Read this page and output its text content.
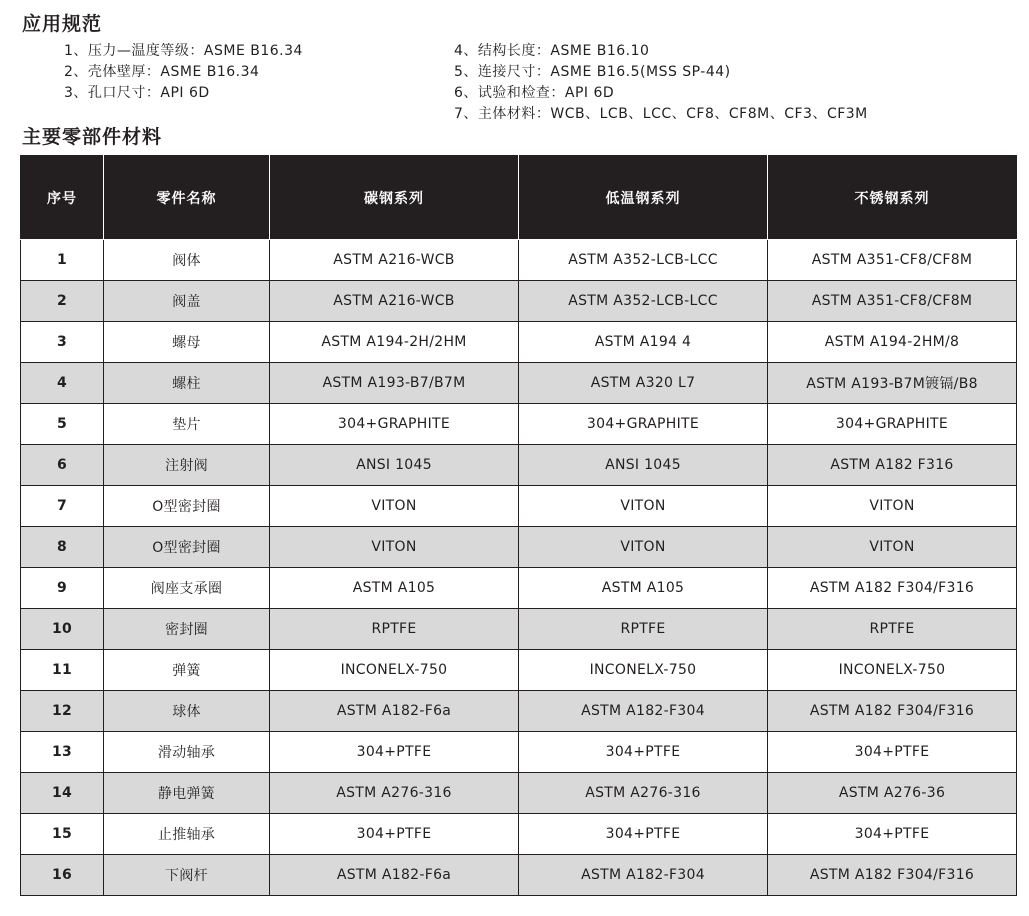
应用规范
1、压力—温度等级：ASME B16.34
2、壳体壁厚：ASME B16.34
3、孔口尺寸：API 6D
4、结构长度：ASME B16.10
5、连接尺寸：ASME B16.5(MSS SP-44)
6、试验和检查：API 6D
7、主体材料：WCB、LCB、LCC、CF8、CF8M、CF3、CF3M
主要零部件材料
序号	零件名称	碳钢系列	低温钢系列	不锈钢系列
1	阀体	ASTM A216-WCB	ASTM A352-LCB-LCC	ASTM A351-CF8/CF8M
2	阀盖	ASTM A216-WCB	ASTM A352-LCB-LCC	ASTM A351-CF8/CF8M
3	螺母	ASTM A194-2H/2HM	ASTM A194 4	ASTM A194-2HM/8
4	螺柱	ASTM A193-B7/B7M	ASTM A320 L7	ASTM A193-B7M镀镉/B8
5	垫片	304+GRAPHITE	304+GRAPHITE	304+GRAPHITE
6	注射阀	ANSI 1045	ANSI 1045	ASTM A182 F316
7	O型密封圈	VITON	VITON	VITON
8	O型密封圈	VITON	VITON	VITON
9	阀座支承圈	ASTM A105	ASTM A105	ASTM A182 F304/F316
10	密封圈	RPTFE	RPTFE	RPTFE
11	弹簧	INCONELX-750	INCONELX-750	INCONELX-750
12	球体	ASTM A182-F6a	ASTM A182-F304	ASTM A182 F304/F316
13	滑动轴承	304+PTFE	304+PTFE	304+PTFE
14	静电弹簧	ASTM A276-316	ASTM A276-316	ASTM A276-36
15	止推轴承	304+PTFE	304+PTFE	304+PTFE
16	下阀杆	ASTM A182-F6a	ASTM A182-F304	ASTM A182 F304/F316
